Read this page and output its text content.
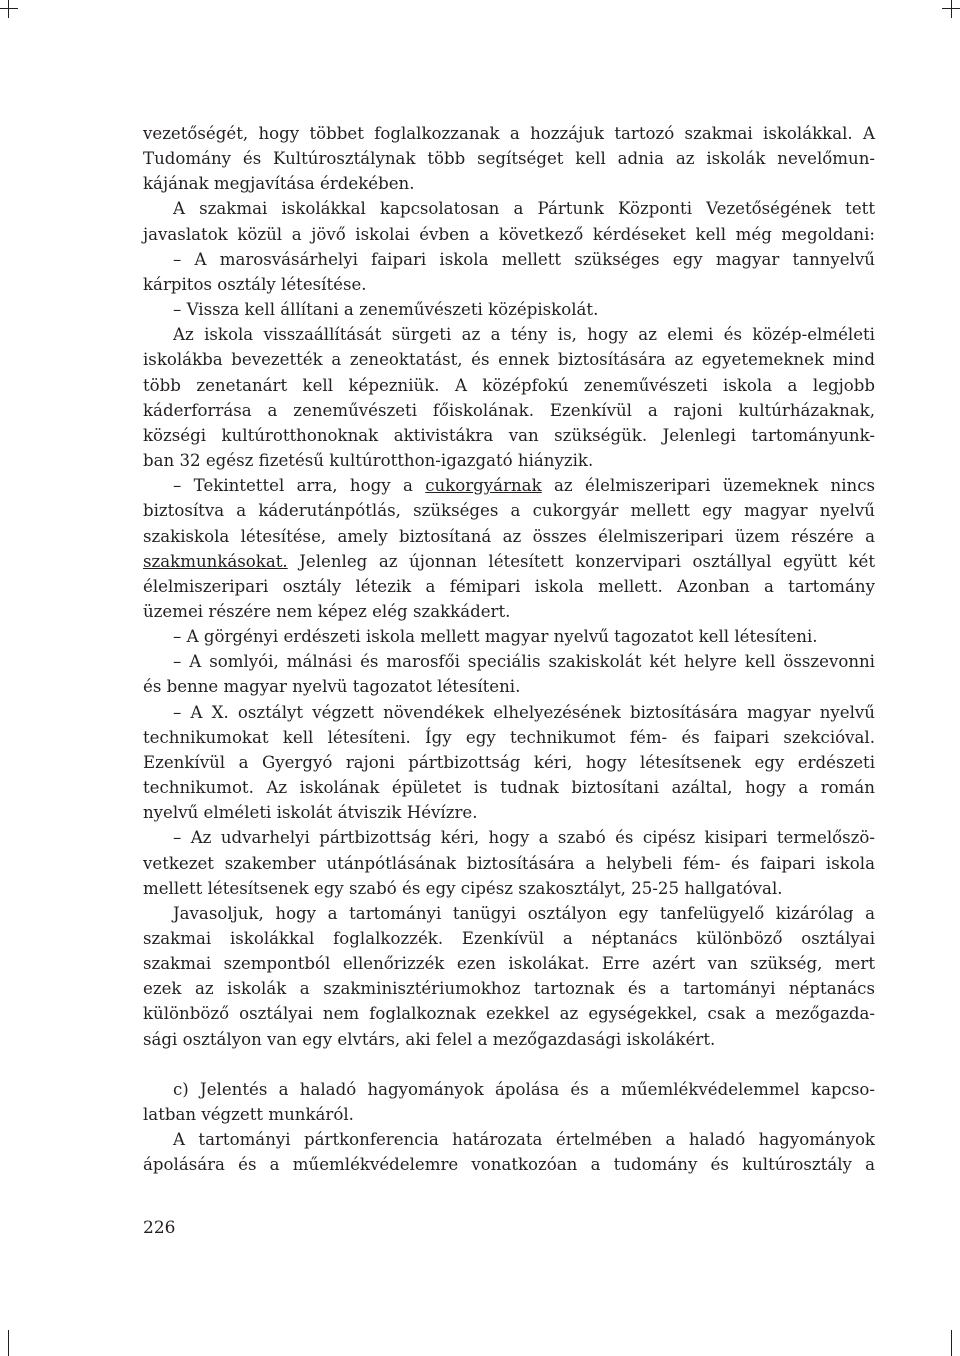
vezetőségét, hogy többet foglalkozzanak a hozzájuk tartozó szakmai iskolákkal. A

Tudomány és Kultúrosztálynak több segítséget kell adnia az iskolák nevelőmun-

kájának megjavítása érdekében.

A szakmai iskolákkal kapcsolatosan a Pártunk Központi Vezetőségének tett

javaslatok közül a jövő iskolai évben a következő kérdéseket kell még megoldani:

– A marosvásárhelyi faipari iskola mellett szükséges egy magyar tannyelvű

kárpitos osztály létesítése.

– Vissza kell állítani a zeneművészeti középiskolát.

Az iskola visszaállítását sürgeti az a tény is, hogy az elemi és közép-elméleti

iskolákba bevezették a zeneoktatást, és ennek biztosítására az egyetemeknek mind

több zenetanárt kell képezniük. A középfokú zeneművészeti iskola a legjobb

káderforrása a zeneművészeti főiskolának. Ezenkívül a rajoni kultúrházaknak,

községi kultúrotthonoknak aktivistákra van szükségük. Jelenlegi tartományunk-

ban 32 egész fizetésű kultúrotthon-igazgató hiányzik.

– Tekintettel arra, hogy a cukorgyárnak az élelmiszeripari üzemeknek nincs

biztosítva a káderutánpótlás, szükséges a cukorgyár mellett egy magyar nyelvű

szakiskola létesítése, amely biztosítaná az összes élelmiszeripari üzem részére a

szakmunkásokat. Jelenleg az újonnan létesített konzervipari osztállyal együtt két

élelmiszeripari osztály létezik a fémipari iskola mellett. Azonban a tartomány

üzemei részére nem képez elég szakkádert.

– A görgényi erdészeti iskola mellett magyar nyelvű tagozatot kell létesíteni.

– A somlyói, málnási és marosfői speciális szakiskolát két helyre kell összevonni

és benne magyar nyelvü tagozatot létesíteni.

– A X. osztályt végzett növendékek elhelyezésének biztosítására magyar nyelvű

technikumokat kell létesíteni. Így egy technikumot fém- és faipari szekcióval.

Ezenkívül a Gyergyó rajoni pártbizottság kéri, hogy létesítsenek egy erdészeti

technikumot. Az iskolának épületet is tudnak biztosítani azáltal, hogy a román

nyelvű elméleti iskolát átviszik Hévízre.

– Az udvarhelyi pártbizottság kéri, hogy a szabó és cipész kisipari termelőszö-

vetkezet szakember utánpótlásának biztosítására a helybeli fém- és faipari iskola

mellett létesítsenek egy szabó és egy cipész szakosztályt, 25-25 hallgatóval.

Javasoljuk, hogy a tartományi tanügyi osztályon egy tanfelügyelő kizárólag a

szakmai iskolákkal foglalkozzék. Ezenkívül a néptanács különböző osztályai

szakmai szempontból ellenőrizzék ezen iskolákat. Erre azért van szükség, mert

ezek az iskolák a szakminisztériumokhoz tartoznak és a tartományi néptanács

különböző osztályai nem foglalkoznak ezekkel az egységekkel, csak a mezőgazda-

sági osztályon van egy elvtárs, aki felel a mezőgazdasági iskolákért.

c) Jelentés a haladó hagyományok ápolása és a műemlékvédelemmel kapcso-

latban végzett munkáról.

A tartományi pártkonferencia határozata értelmében a haladó hagyományok

ápolására és a műemlékvédelemre vonatkozóan a tudomány és kultúrosztály a

226
